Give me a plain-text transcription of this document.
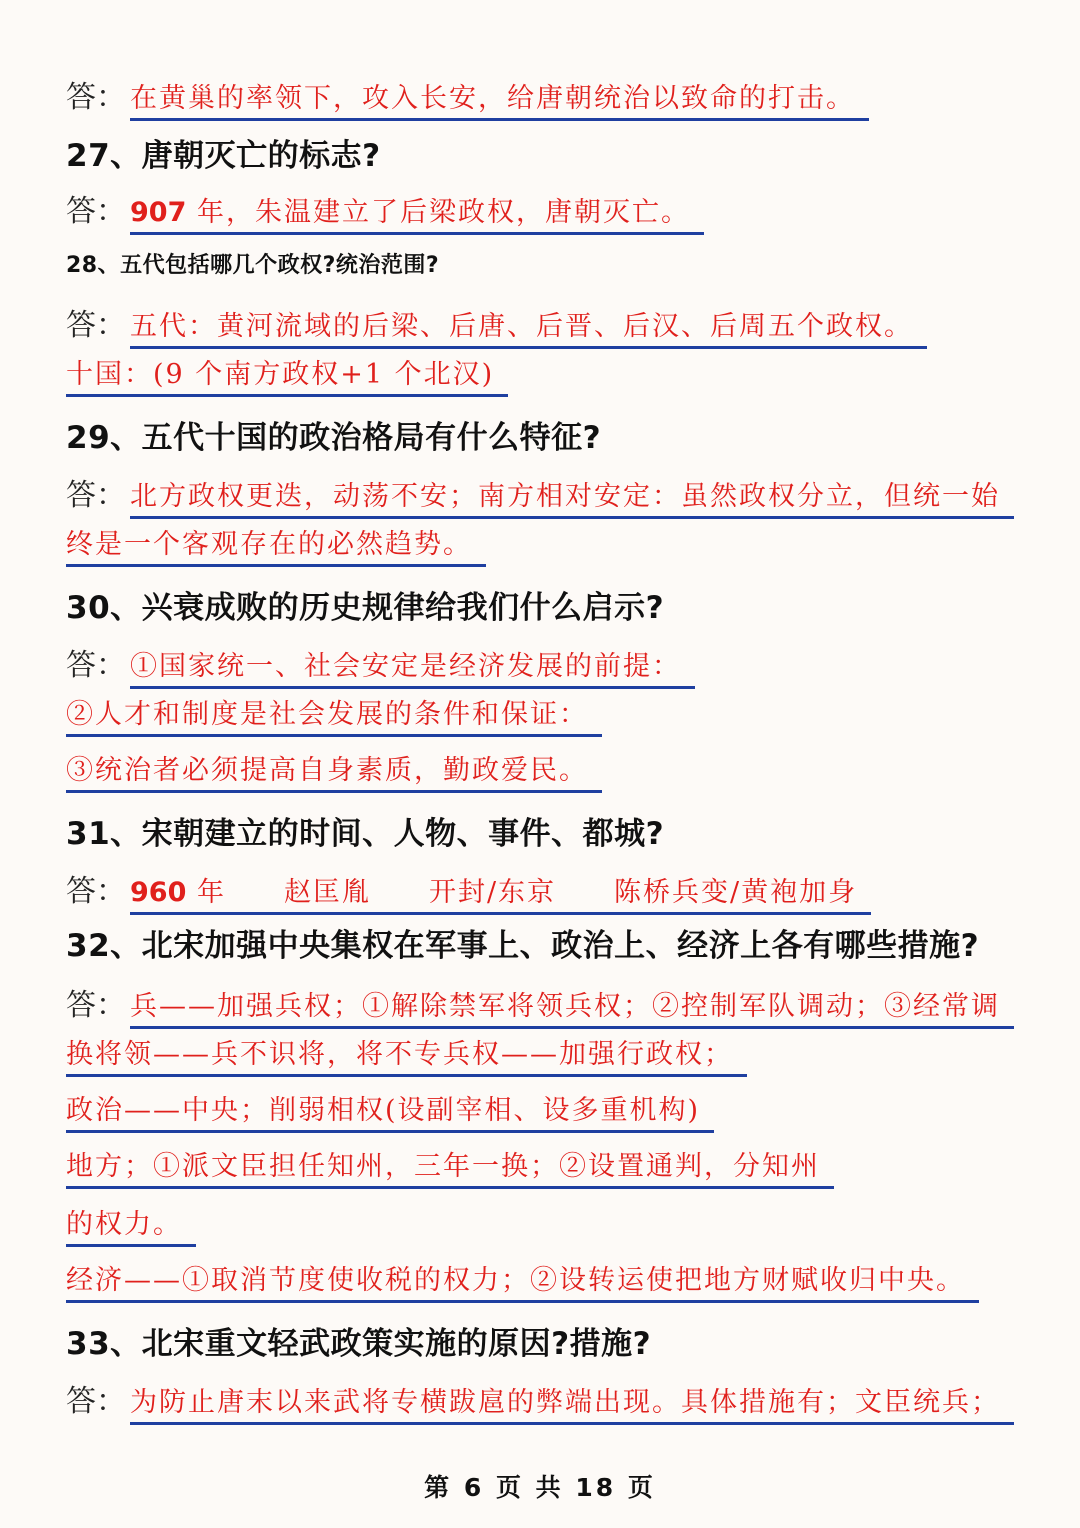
答： 在黄巢的率领下，攻入长安，给唐朝统治以致命的打击。
27、唐朝灭亡的标志?
答： 907 年，朱温建立了后梁政权，唐朝灭亡。
28、五代包括哪几个政权?统治范围?
答： 五代：黄河流域的后梁、后唐、后晋、后汉、后周五个政权。
十国：(9 个南方政权+1 个北汉)
29、五代十国的政治格局有什么特征?
答： 北方政权更迭，动荡不安；南方相对安定：虽然政权分立，但统一始
终是一个客观存在的必然趋势。
30、兴衰成败的历史规律给我们什么启示?
答： ①国家统一、社会安定是经济发展的前提：
②人才和制度是社会发展的条件和保证：
③统治者必须提高自身素质，勤政爱民。
31、宋朝建立的时间、人物、事件、都城?
答： 960 年　　赵匡胤　　开封/东京　　陈桥兵变/黄袍加身
32、北宋加强中央集权在军事上、政治上、经济上各有哪些措施?
答： 兵——加强兵权；①解除禁军将领兵权；②控制军队调动；③经常调
换将领——兵不识将，将不专兵权——加强行政权；
政治——中央；削弱相权(设副宰相、设多重机构)
地方；①派文臣担任知州，三年一换；②设置通判，分知州
的权力。
经济——①取消节度使收税的权力；②设转运使把地方财赋收归中央。
33、北宋重文轻武政策实施的原因?措施?
答： 为防止唐末以来武将专横跋扈的弊端出现。具体措施有；文臣统兵；
第 6 页 共 18 页
